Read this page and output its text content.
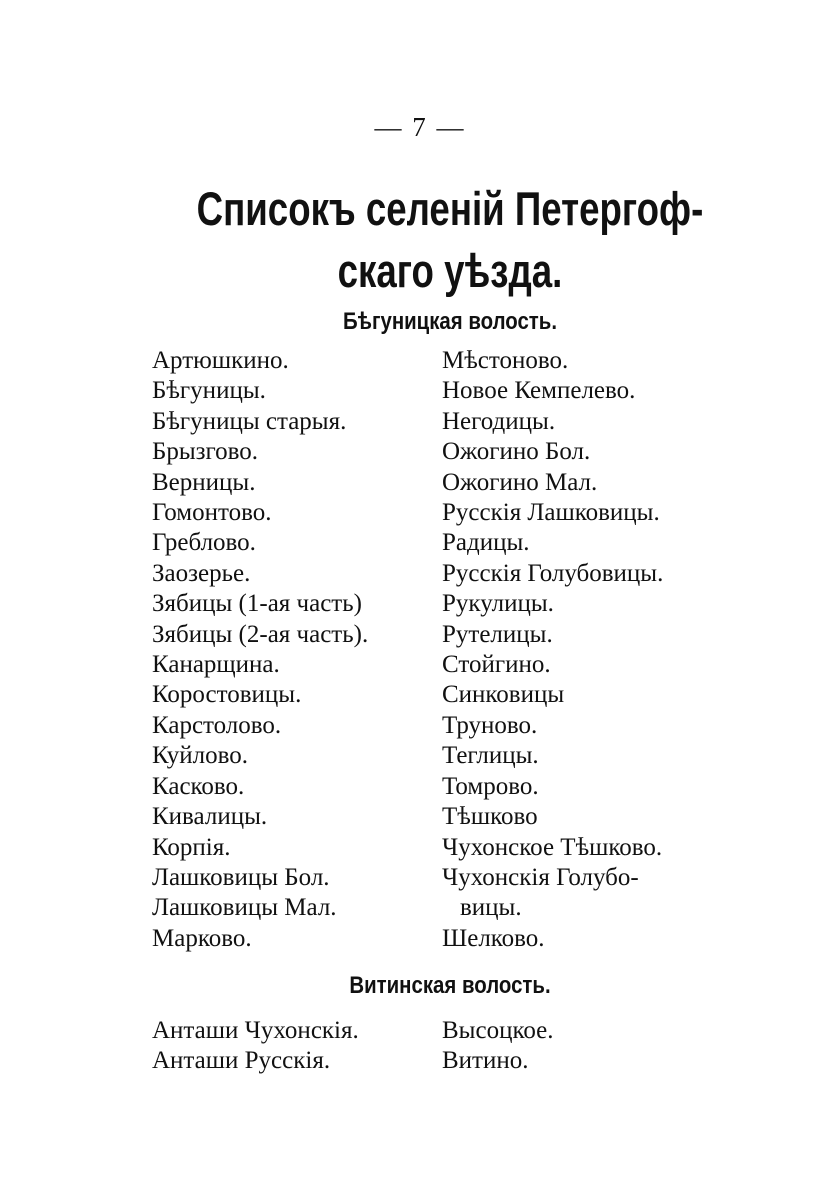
— 7 —
Списокъ селеній Петергоф-
скаго уѣзда.
Бѣгуницкая волость.
Артюшкино.
Бѣгуницы.
Бѣгуницы старыя.
Брызгово.
Верницы.
Гомонтово.
Греблово.
Заозерье.
Зябицы (1-ая часть)
Зябицы (2-ая часть).
Канарщина.
Коростовицы.
Карстолово.
Куйлово.
Касково.
Кивалицы.
Корпія.
Лашковицы Бол.
Лашковицы Мал.
Марково.
Мѣстоново.
Новое Кемпелево.
Негодицы.
Ожогино Бол.
Ожогино Мал.
Русскія Лашковицы.
Радицы.
Русскія Голубовицы.
Рукулицы.
Рутелицы.
Стойгино.
Синковицы
Труново.
Теглицы.
Томрово.
Тѣшково
Чухонское Тѣшково.
Чухонскія Голубо-
вицы.
Шелково.
Витинская волость.
Анташи Чухонскія.
Анташи Русскія.
Высоцкое.
Витино.
